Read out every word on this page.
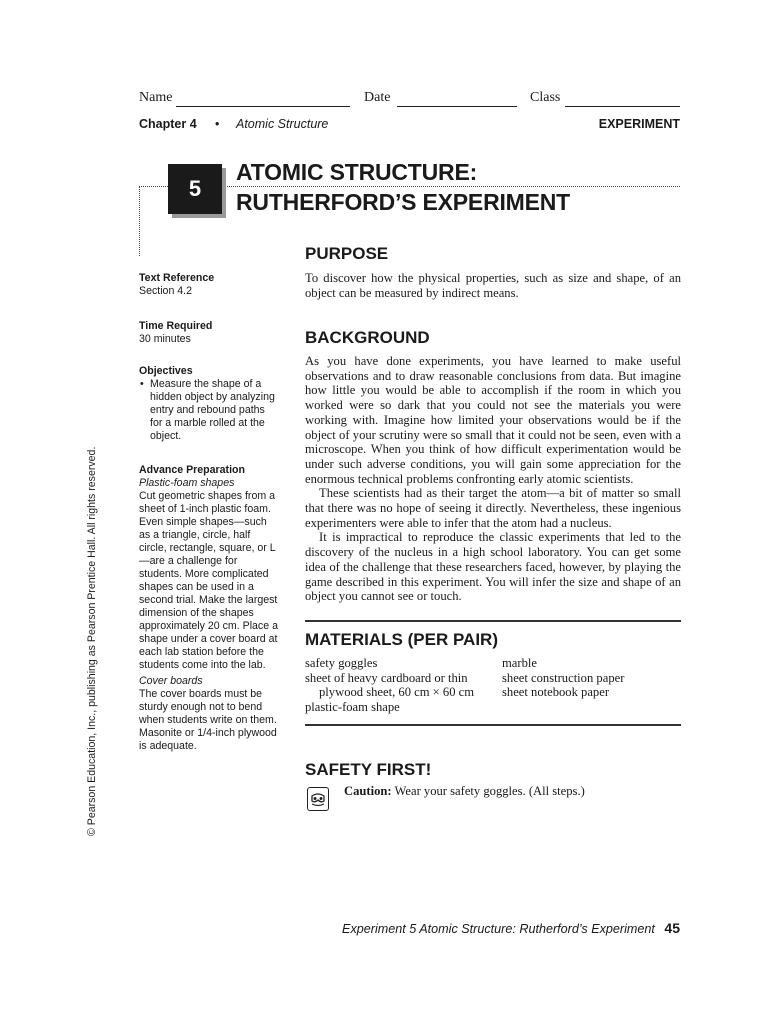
Name	Date	Class
Chapter 4 • Atomic Structure	EXPERIMENT
5
ATOMIC STRUCTURE:
RUTHERFORD’S EXPERIMENT
Text Reference
Section 4.2
Time Required
30 minutes
Objectives
• Measure the shape of a hidden object by analyzing entry and rebound paths for a marble rolled at the object.
Advance Preparation
Plastic-foam shapes
Cut geometric shapes from a sheet of 1-inch plastic foam. Even simple shapes—such as a triangle, circle, half circle, rectangle, square, or L—are a challenge for students. More complicated shapes can be used in a second trial. Make the largest dimension of the shapes approximately 20 cm. Place a shape under a cover board at each lab station before the students come into the lab.
Cover boards
The cover boards must be sturdy enough not to bend when students write on them. Masonite or 1/4-inch plywood is adequate.
PURPOSE

To discover how the physical properties, such as size and shape, of an object can be measured by indirect means.

BACKGROUND

As you have done experiments, you have learned to make useful observations and to draw reasonable conclusions from data. But imagine how little you would be able to accomplish if the room in which you worked were so dark that you could not see the materials you were working with. Imagine how limited your observations would be if the object of your scrutiny were so small that it could not be seen, even with a microscope. When you think of how difficult experimentation would be under such adverse conditions, you will gain some appreciation for the enormous technical problems confronting early atomic scientists.

These scientists had as their target the atom—a bit of matter so small that there was no hope of seeing it directly. Nevertheless, these ingenious experimenters were able to infer that the atom had a nucleus.

It is impractical to reproduce the classic experiments that led to the discovery of the nucleus in a high school laboratory. You can get some idea of the challenge that these researchers faced, however, by playing the game described in this experiment. You will infer the size and shape of an object you cannot see or touch.

MATERIALS (PER PAIR)
safety goggles
sheet of heavy cardboard or thin
plywood sheet, 60 cm × 60 cm
plastic-foam shape
marble
sheet construction paper
sheet notebook paper
SAFETY FIRST!
Caution: Wear your safety goggles. (All steps.)
© Pearson Education, Inc., publishing as Pearson Prentice Hall. All rights reserved.
Experiment 5 Atomic Structure: Rutherford’s Experiment 45
